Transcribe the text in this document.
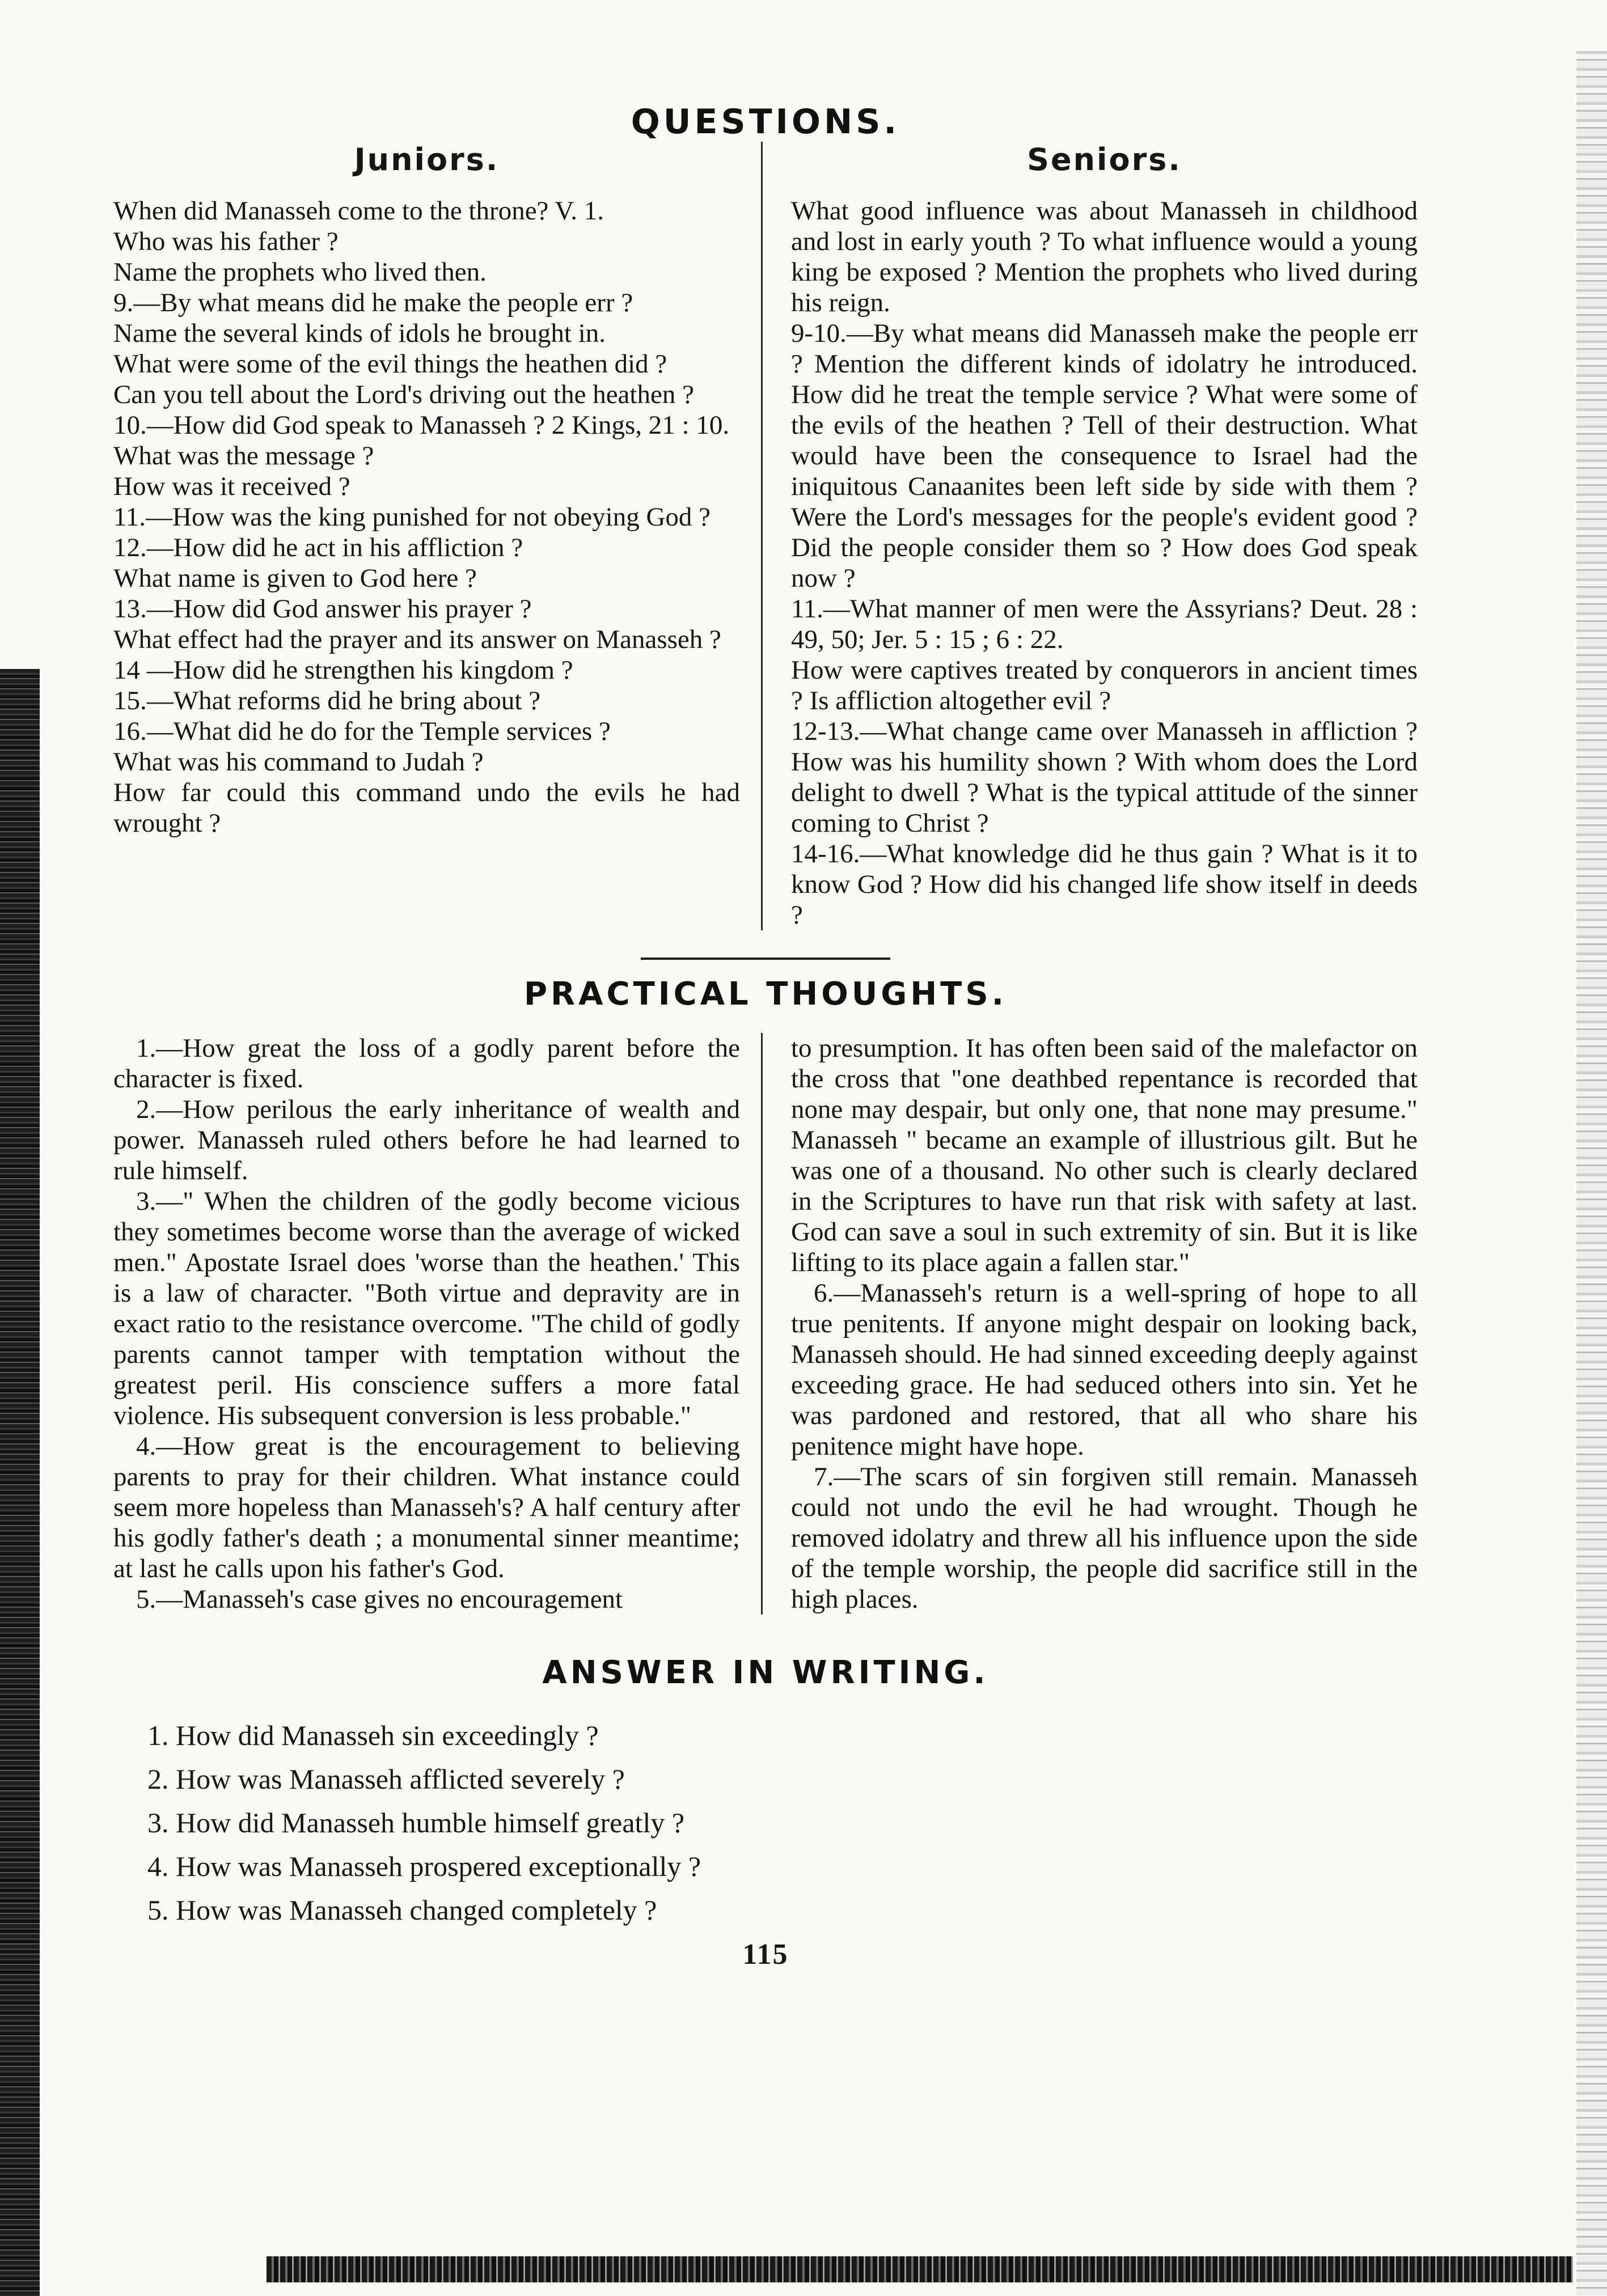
QUESTIONS.
Juniors.
When did Manasseh come to the throne? V. 1.
Who was his father ?
Name the prophets who lived then.
9.—By what means did he make the people err ?
Name the several kinds of idols he brought in.
What were some of the evil things the heathen did ?
Can you tell about the Lord's driving out the heathen ?
10.—How did God speak to Manasseh ? 2 Kings, 21 : 10.
What was the message ?
How was it received ?
11.—How was the king punished for not obeying God ?
12.—How did he act in his affliction ?
What name is given to God here ?
13.—How did God answer his prayer ?
What effect had the prayer and its answer on Manasseh ?
14 —How did he strengthen his kingdom ?
15.—What reforms did he bring about ?
16.—What did he do for the Temple services ?
What was his command to Judah ?
How far could this command undo the evils he had wrought ?
Seniors.
What good influence was about Manasseh in childhood and lost in early youth ? To what influence would a young king be exposed ? Mention the prophets who lived during his reign.
9-10.—By what means did Manasseh make the people err ? Mention the different kinds of idolatry he introduced. How did he treat the temple service ? What were some of the evils of the heathen ? Tell of their destruction. What would have been the consequence to Israel had the iniquitous Canaanites been left side by side with them ? Were the Lord's messages for the people's evident good ? Did the people consider them so ? How does God speak now ?
11.—What manner of men were the Assyrians? Deut. 28 : 49, 50; Jer. 5 : 15 ; 6 : 22.
How were captives treated by conquerors in ancient times ? Is affliction altogether evil ?
12-13.—What change came over Manasseh in affliction ? How was his humility shown ? With whom does the Lord delight to dwell ? What is the typical attitude of the sinner coming to Christ ?
14-16.—What knowledge did he thus gain ? What is it to know God ? How did his changed life show itself in deeds ?
PRACTICAL THOUGHTS.
1.—How great the loss of a godly parent before the character is fixed.
2.—How perilous the early inheritance of wealth and power. Manasseh ruled others before he had learned to rule himself.
3.—" When the children of the godly become vicious they sometimes become worse than the average of wicked men." Apostate Israel does 'worse than the heathen.' This is a law of character. "Both virtue and depravity are in exact ratio to the resistance overcome. "The child of godly parents cannot tamper with temptation without the greatest peril. His conscience suffers a more fatal violence. His subsequent conversion is less probable."
4.—How great is the encouragement to believing parents to pray for their children. What instance could seem more hopeless than Manasseh's? A half century after his godly father's death ; a monumental sinner meantime; at last he calls upon his father's God.
5.—Manasseh's case gives no encouragement
to presumption. It has often been said of the malefactor on the cross that "one deathbed repentance is recorded that none may despair, but only one, that none may presume." Manasseh " became an example of illustrious gilt. But he was one of a thousand. No other such is clearly declared in the Scriptures to have run that risk with safety at last. God can save a soul in such extremity of sin. But it is like lifting to its place again a fallen star."
6.—Manasseh's return is a well-spring of hope to all true penitents. If anyone might despair on looking back, Manasseh should. He had sinned exceeding deeply against exceeding grace. He had seduced others into sin. Yet he was pardoned and restored, that all who share his penitence might have hope.
7.—The scars of sin forgiven still remain. Manasseh could not undo the evil he had wrought. Though he removed idolatry and threw all his influence upon the side of the temple worship, the people did sacrifice still in the high places.
ANSWER IN WRITING.
1. How did Manasseh sin exceedingly ?
2. How was Manasseh afflicted severely ?
3. How did Manasseh humble himself greatly ?
4. How was Manasseh prospered exceptionally ?
5. How was Manasseh changed completely ?
115
